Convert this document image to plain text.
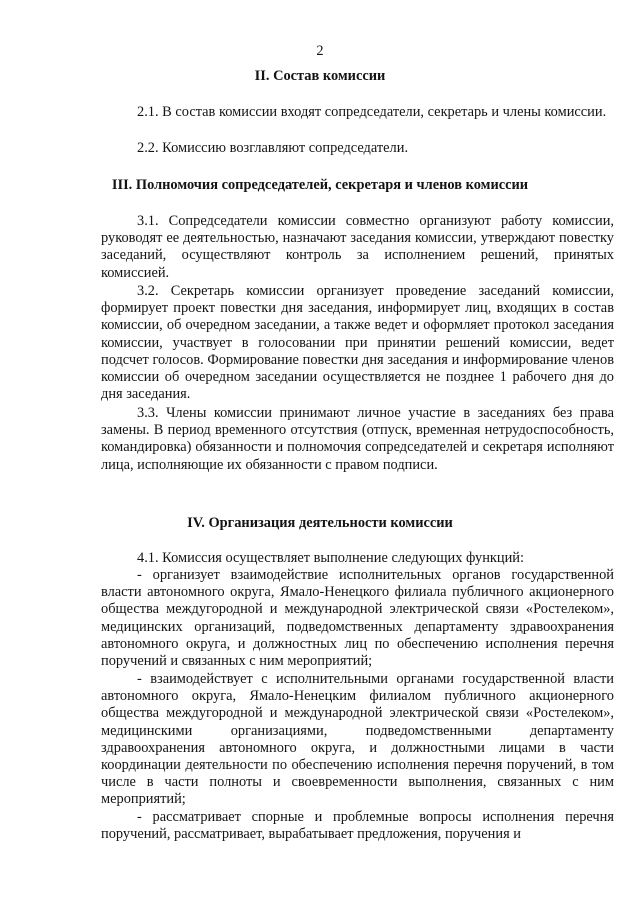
2
II. Состав комиссии
2.1. В состав комиссии входят сопредседатели, секретарь и члены комиссии.
2.2. Комиссию возглавляют сопредседатели.
III. Полномочия сопредседателей, секретаря и членов комиссии
3.1. Сопредседатели комиссии совместно организуют работу комиссии, руководят ее деятельностью, назначают заседания комиссии, утверждают повестку заседаний, осуществляют контроль за исполнением решений, принятых комиссией.
3.2. Секретарь комиссии организует проведение заседаний комиссии, формирует проект повестки дня заседания, информирует лиц, входящих в состав комиссии, об очередном заседании, а также ведет и оформляет протокол заседания комиссии, участвует в голосовании при принятии решений комиссии, ведет подсчет голосов. Формирование повестки дня заседания и информирование членов комиссии об очередном заседании осуществляется не позднее 1 рабочего дня до дня заседания.
3.3. Члены комиссии принимают личное участие в заседаниях без права замены. В период временного отсутствия (отпуск, временная нетрудоспособность, командировка) обязанности и полномочия сопредседателей и секретаря исполняют лица, исполняющие их обязанности с правом подписи.
IV. Организация деятельности комиссии
4.1. Комиссия осуществляет выполнение следующих функций:
- организует взаимодействие исполнительных органов государственной власти автономного округа, Ямало-Ненецкого филиала публичного акционерного общества междугородной и международной электрической связи «Ростелеком», медицинских организаций, подведомственных департаменту здравоохранения автономного округа, и должностных лиц по обеспечению исполнения перечня поручений и связанных с ним мероприятий;
- взаимодействует с исполнительными органами государственной власти автономного округа, Ямало-Ненецким филиалом публичного акционерного общества междугородной и международной электрической связи «Ростелеком», медицинскими организациями, подведомственными департаменту здравоохранения автономного округа, и должностными лицами в части координации деятельности по обеспечению исполнения перечня поручений, в том числе в части полноты и своевременности выполнения, связанных с ним мероприятий;
- рассматривает спорные и проблемные вопросы исполнения перечня поручений, рассматривает, вырабатывает предложения, поручения и
